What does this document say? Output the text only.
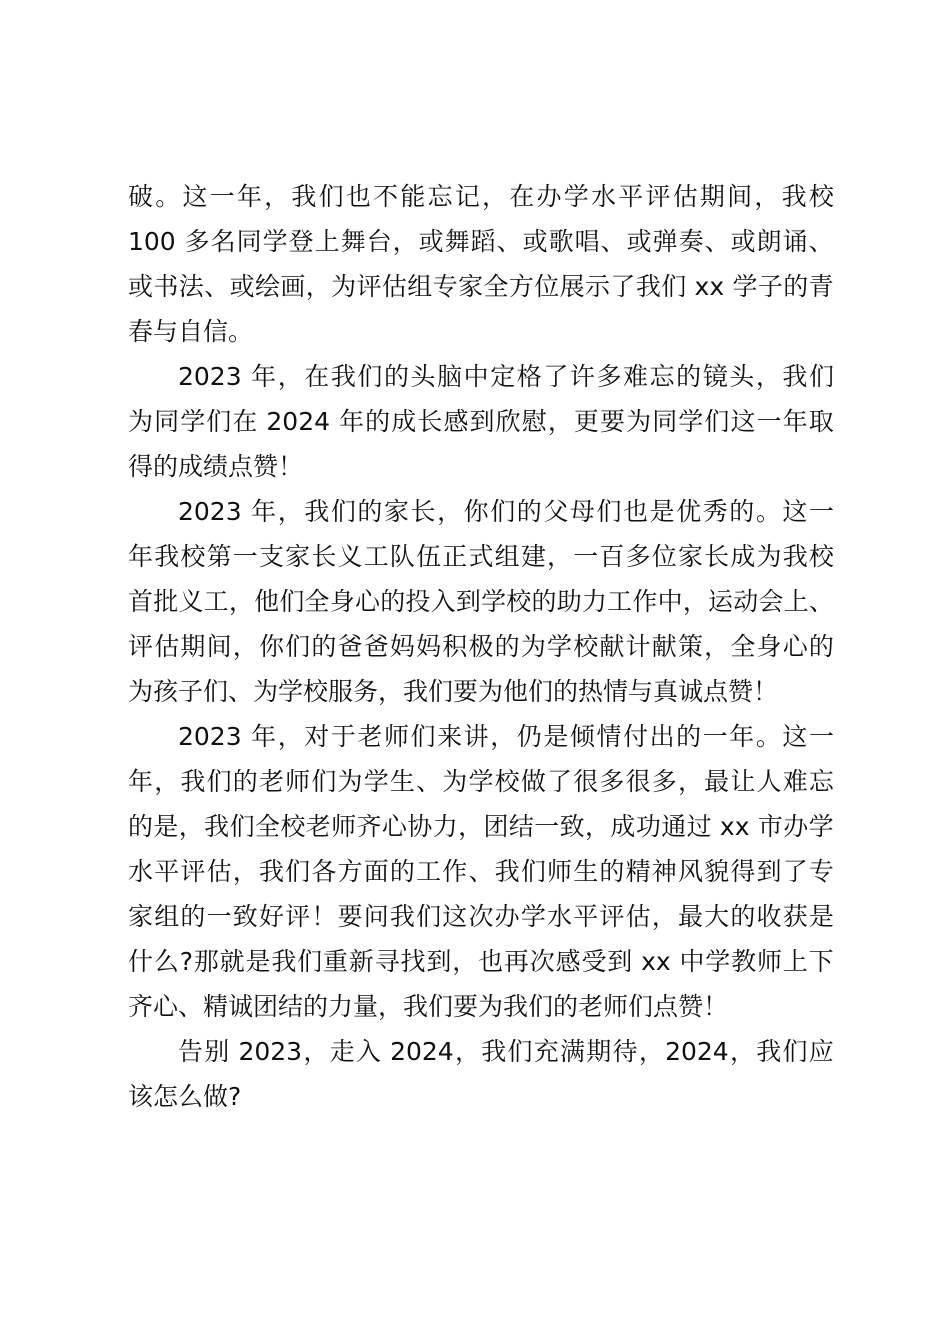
破 。 这 一 年 ， 我 们 也 不 能 忘 记 ， 在 办 学 水 平 评 估 期 间 ， 我 校
100 多 名 同 学 登 上 舞 台 ， 或 舞 蹈 、 或 歌 唱 、 或 弹 奏 、 或 朗 诵 、
或 书 法 、 或 绘 画 ， 为 评 估 组 专 家 全 方 位 展 示 了 我 们 xx 学 子 的 青
春与自信。
2023 年 ， 在 我 们 的 头 脑 中 定 格 了 许 多 难 忘 的 镜 头 ， 我 们
为 同 学 们 在 2024 年 的 成 长 感 到 欣 慰 ， 更 要 为 同 学 们 这 一 年 取
得的成绩点赞！
2023 年 ， 我 们 的 家 长 ， 你 们 的 父 母 们 也 是 优 秀 的 。 这 一
年 我 校 第 一 支 家 长 义 工 队 伍 正 式 组 建 ， 一 百 多 位 家 长 成 为 我 校
首 批 义 工 ， 他 们 全 身 心 的 投 入 到 学 校 的 助 力 工 作 中 ， 运 动 会 上 、
评 估 期 间 ， 你 们 的 爸 爸 妈 妈 积 极 的 为 学 校 献 计 献 策 ， 全 身 心 的
为孩子们、为学校服务，我们要为他们的热情与真诚点赞！
2023 年 ， 对 于 老 师 们 来 讲 ， 仍 是 倾 情 付 出 的 一 年 。 这 一
年 ， 我 们 的 老 师 们 为 学 生 、 为 学 校 做 了 很 多 很 多 ， 最 让 人 难 忘
的 是 ， 我 们 全 校 老 师 齐 心 协 力 ， 团 结 一 致 ， 成 功 通 过 xx 市 办 学
水 平 评 估 ， 我 们 各 方 面 的 工 作 、 我 们 师 生 的 精 神 风 貌 得 到 了 专
家 组 的 一 致 好 评 ！ 要 问 我 们 这 次 办 学 水 平 评 估 ， 最 大 的 收 获 是
什 么 ? 那 就 是 我 们 重 新 寻 找 到 ， 也 再 次 感 受 到 xx 中 学 教 师 上 下
齐心、精诚团结的力量，我们要为我们的老师们点赞！
告 别 2023 ， 走 入 2024 ， 我 们 充 满 期 待 ， 2024 ， 我 们 应
该怎么做?
